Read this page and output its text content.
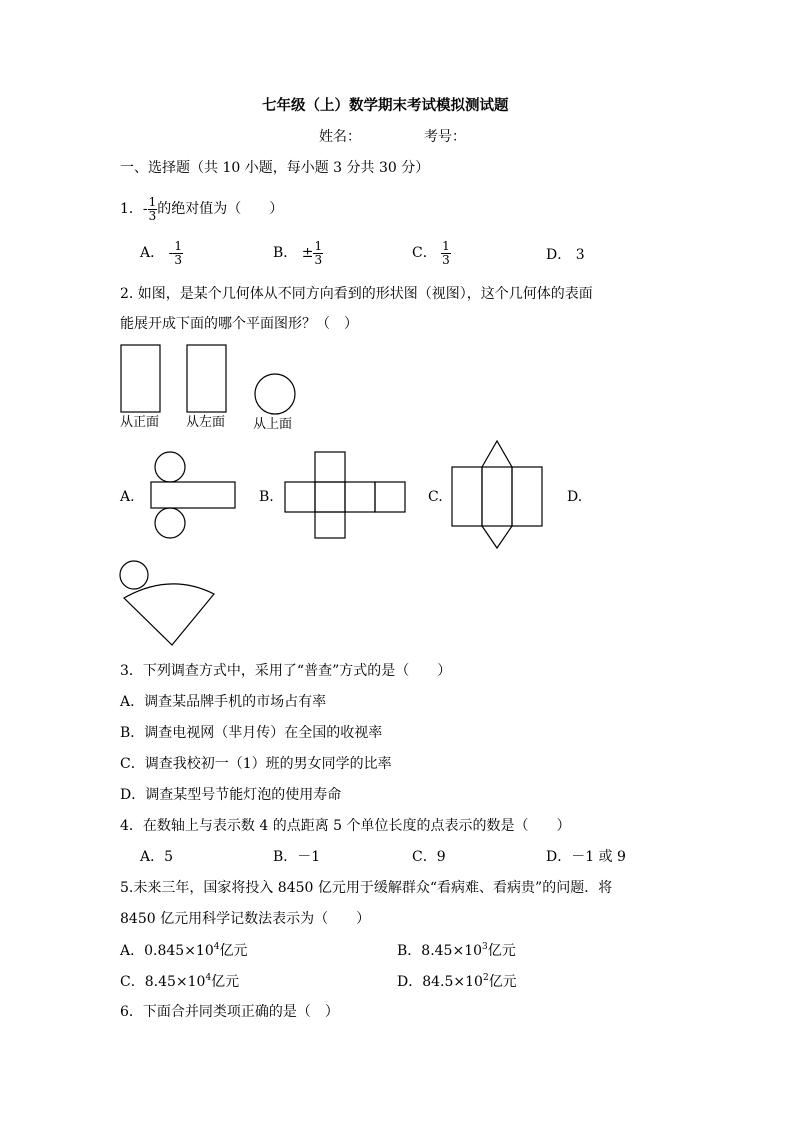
七年级（上）数学期末考试模拟测试题
姓名：	考号：
一、选择题（共 10 小题，每小题 3 分共 30 分）
1．- $\frac{1}{3}$ 的绝对值为（　　）
A． - $\frac{1}{3}$	B． ± $\frac{1}{3}$	C． $\frac{1}{3}$	D． 3
2. 如图，是某个几何体从不同方向看到的形状图（视图），这个几何体的表面
能展开成下面的哪个平面图形？（　）
从正面 从左面 从上面
A.	B.	C.	D.
3．下列调查方式中，采用了“普查”方式的是（　　）
A．调查某品牌手机的市场占有率
B．调查电视网（芈月传）在全国的收视率
C．调查我校初一（1）班的男女同学的比率
D．调查某型号节能灯泡的使用寿命
4．在数轴上与表示数 4 的点距离 5 个单位长度的点表示的数是（　　）
A．5	B．－1	C．9	D．－1 或 9
5.未来三年，国家将投入 8450 亿元用于缓解群众“看病难、看病贵”的问题．将
8450 亿元用科学记数法表示为（　　）
A．$0.845\times 10^4$亿元	B．$8.45\times 10^3$亿元
C．$8.45\times 10^4$亿元	D．$84.5\times 10^2$亿元
6．下面合并同类项正确的是（　）
